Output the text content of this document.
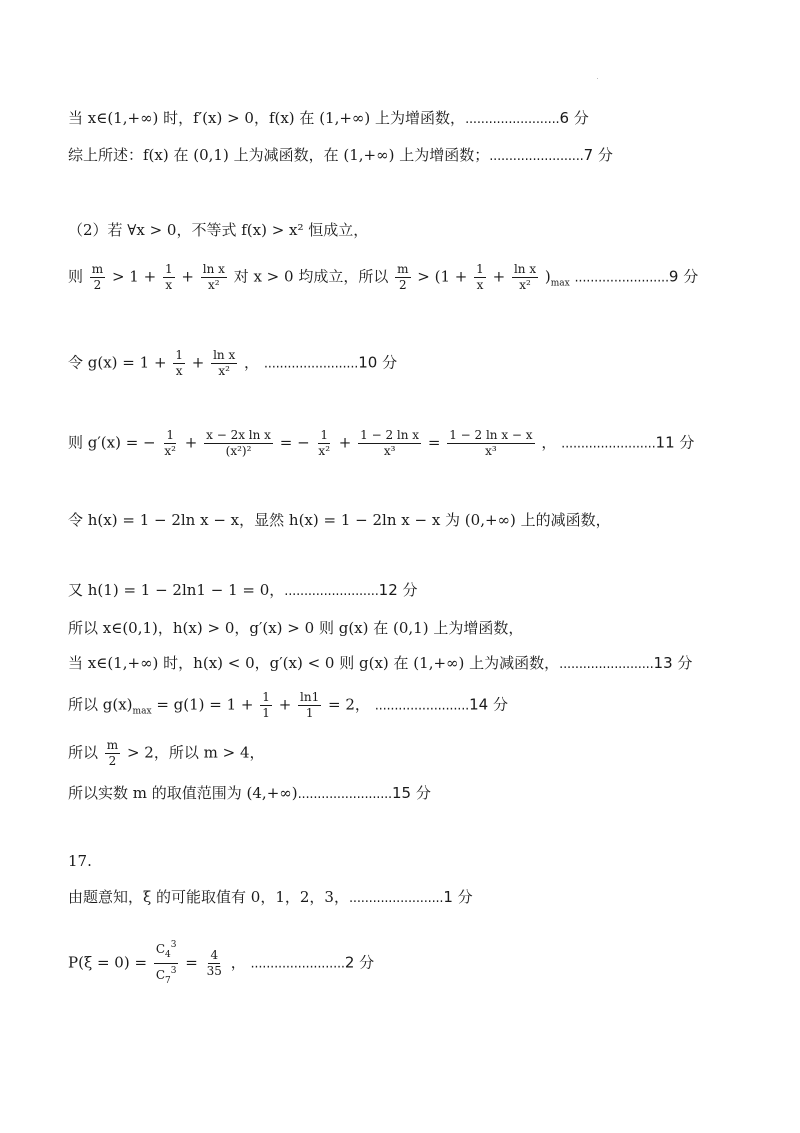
当 x∈(1,+∞) 时，f′(x) > 0，f(x) 在 (1,+∞) 上为增函数，........................6 分
综上所述：f(x) 在 (0,1) 上为减函数，在 (1,+∞) 上为增函数；........................7 分
（2）若 ∀x > 0，不等式 f(x) > x² 恒成立，
则 $\frac{m}{2} > 1 + \frac{1}{x} + \frac{\text{ln x}}{\text{x²}}$ 对 x > 0 均成立，所以 $\frac{m}{2} > (1 + \frac{1}{x} + \frac{\text{ln x}}{\text{x²}} )_{max}$ ........................9 分
令 $g(x) = 1 + \frac{1}{x} + \frac{\text{ln x}}{\text{x²}}$ ， ........................10 分
则 g′(x) = − $\frac{1}{\text{x²}} + \frac{\text{x − 2x ln x}}{\text{(x²)²}}$ = − $\frac{1}{\text{x²}} + \frac{\text{1 − 2 ln x}}{\text{x³}} = \frac{\text{1 − 2 ln x − x}}{\text{x³}}$ ， ........................11 分
令 h(x) = 1 − 2ln x − x，显然 h(x) = 1 − 2ln x − x 为 (0,+∞) 上的减函数，
又 h(1) = 1 − 2ln1 − 1 = 0，........................12 分
所以 x∈(0,1)，h(x) > 0，g′(x) > 0 则 g(x) 在 (0,1) 上为增函数，
当 x∈(1,+∞) 时，h(x) < 0，g′(x) < 0 则 g(x) 在 (1,+∞) 上为减函数，........................13 分
所以 $g(x)_{max} = g(1) = 1 + \frac{1}{1} + \frac{\ln 1}{1} = 2$， ........................14 分
所以 $\frac{m}{2} > 2$，所以 m > 4，
所以实数 m 的取值范围为 (4,+∞)........................15 分
17.
由题意知，ξ 的可能取值有 0，1，2，3，........................1 分
$P(\xi = 0) = \frac{C_4^3}{C_7^3} = \frac{4}{35}$ ， ........................2 分
